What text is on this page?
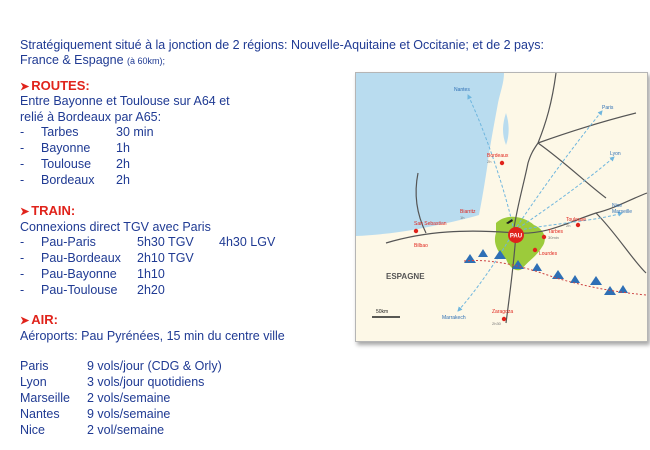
Stratégiquement situé à la jonction de 2 régions: Nouvelle-Aquitaine et Occitanie; et de 2 pays:
France & Espagne (à 60km);
➤ ROUTES:
Entre Bayonne et Toulouse sur A64 et
relié à Bordeaux par A65:
-	Tarbes	30 min
-	Bayonne	1h
-	Toulouse	2h
-	Bordeaux	2h
➤ TRAIN:
Connexions direct TGV avec Paris
-	Pau-Paris	5h30 TGV	4h30 LGV
-	Pau-Bordeaux	2h10 TGV
-	Pau-Bayonne	1h10
-	Pau-Toulouse	2h20
➤ AIR:
Aéroports: Pau Pyrénées, 15 min du centre ville
Paris	9 vols/jour (CDG & Orly)
Lyon	3 vols/jour quotidiens
Marseille	2 vols/semaine
Nantes	9 vols/semaine
Nice	2 vol/semaine
PAU
Bordeaux
2h
Toulouse
2h
Tarbes
30min
Lourdes
Biarritz
1h
San Sebastian
Bilbao
Zaragoza
2h30
Nantes
Paris
Lyon
Nice
Marseille
Marrakech
ESPAGNE
50km
